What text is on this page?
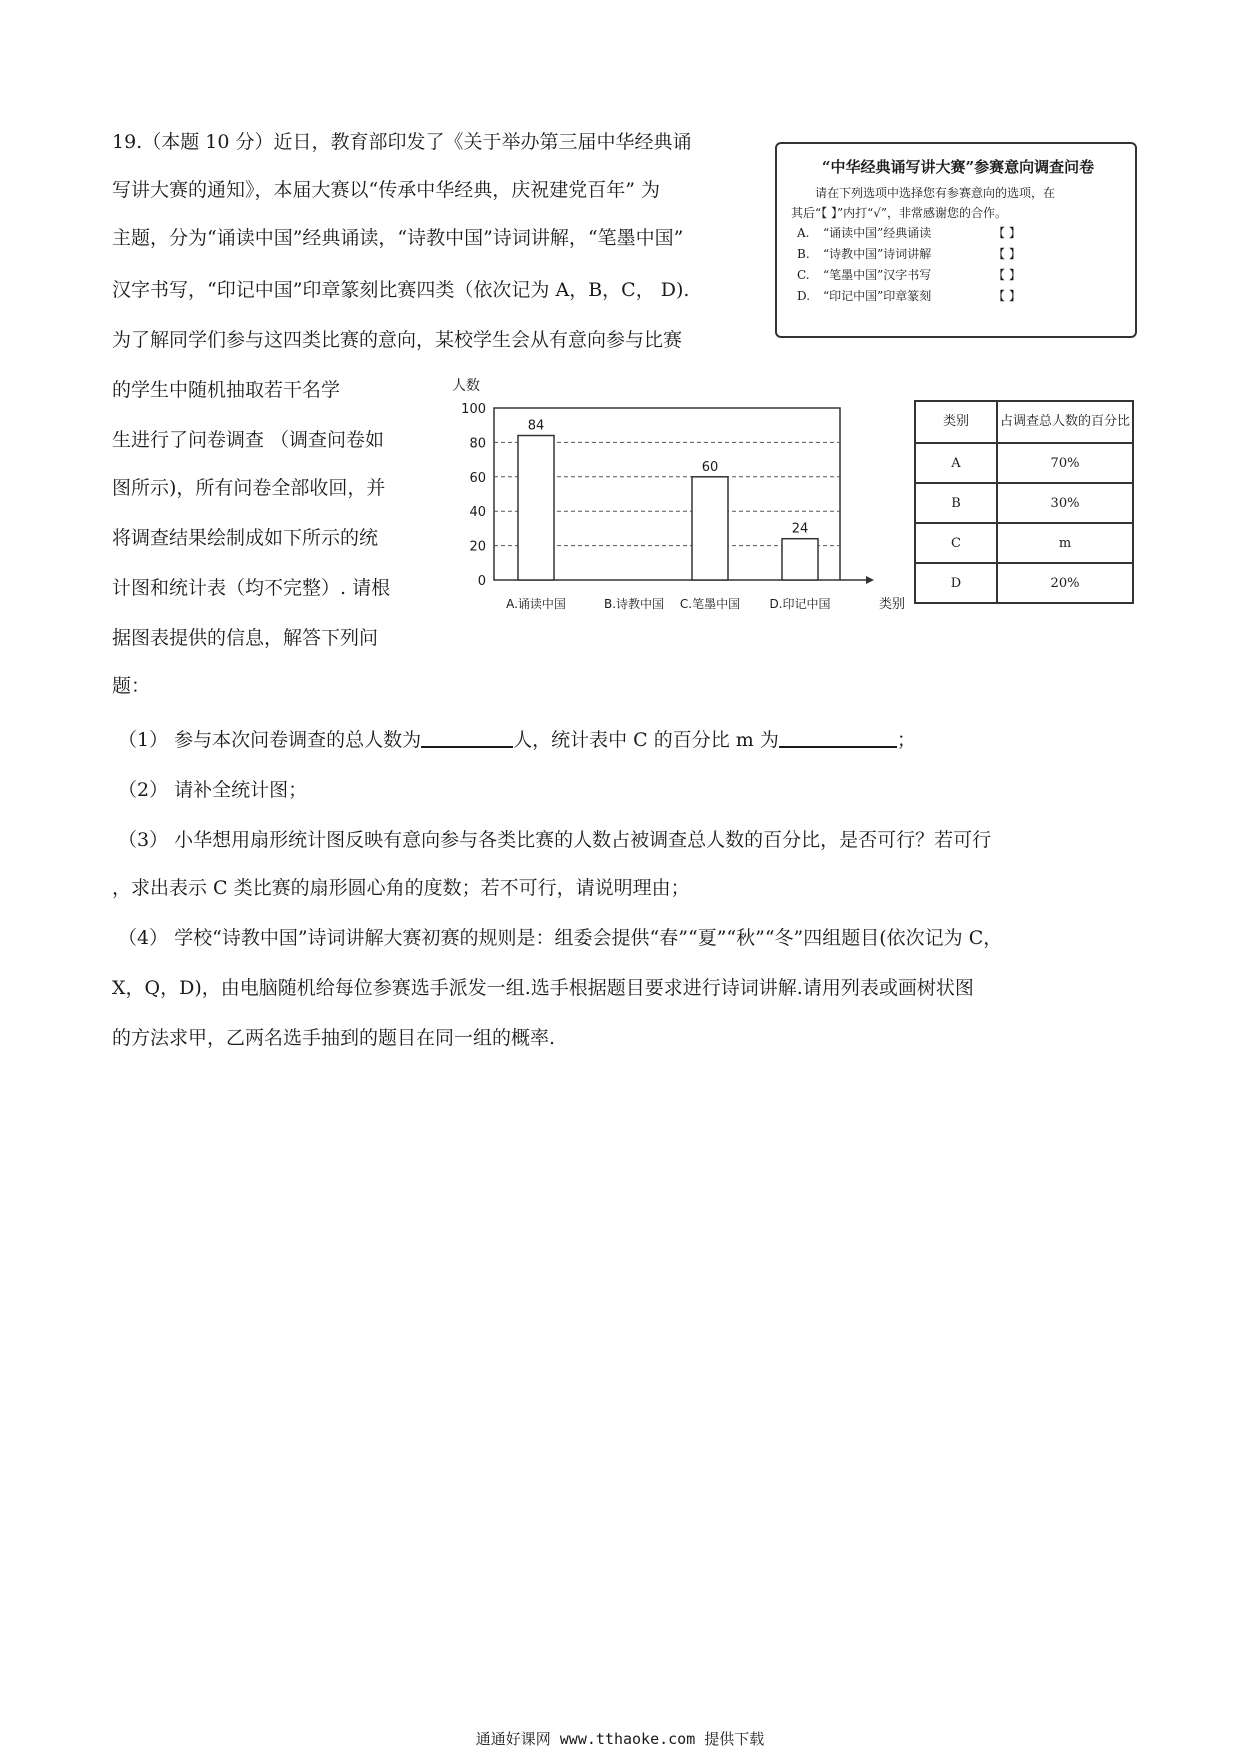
19.（本题 10 分）近日，教育部印发了《关于举办第三届中华经典诵
写讲大赛的通知》，本届大赛以“传承中华经典，庆祝建党百年” 为
主题，分为“诵读中国”经典诵读，“诗教中国”诗词讲解，“笔墨中国”
汉字书写，“印记中国”印章篆刻比赛四类（依次记为 A，B，C， D).
为了解同学们参与这四类比赛的意向，某校学生会从有意向参与比赛
的学生中随机抽取若干名学
生进行了问卷调查 （调查问卷如
图所示)，所有问卷全部收回，并
将调查结果绘制成如下所示的统
计图和统计表（均不完整）. 请根
据图表提供的信息，解答下列问
题：
“中华经典诵写讲大赛”参赛意向调查问卷
请在下列选项中选择您有参赛意向的选项，在
其后“【 】”内打“√”，非常感谢您的合作。
A. “诵读中国”经典诵读	【 】
B. “诗教中国”诗词讲解	【 】
C. “笔墨中国”汉字书写	【 】
D. “印记中国”印章篆刻	【 】
人数
0
20
40
60
80
100
类别
84
A.诵读中国	B.诗教中国
60
C.笔墨中国
24
D.印记中国
类别	占调查总人数的百分比
A	70%
B	30%
C	m
D	20%
（1） 参与本次问卷调查的总人数为	人，统计表中 C 的百分比 m 为	；
（2） 请补全统计图；
（3） 小华想用扇形统计图反映有意向参与各类比赛的人数占被调查总人数的百分比，是否可行？若可行
，求出表示 C 类比赛的扇形圆心角的度数；若不可行，请说明理由；
（4） 学校“诗教中国”诗词讲解大赛初赛的规则是：组委会提供“春”“夏”“秋”“冬”四组题目(依次记为 C，
X，Q，D)，由电脑随机给每位参赛选手派发一组.选手根据题目要求进行诗词讲解.请用列表或画树状图
的方法求甲，乙两名选手抽到的题目在同一组的概率.
通通好课网 www.tthaoke.com 提供下载
